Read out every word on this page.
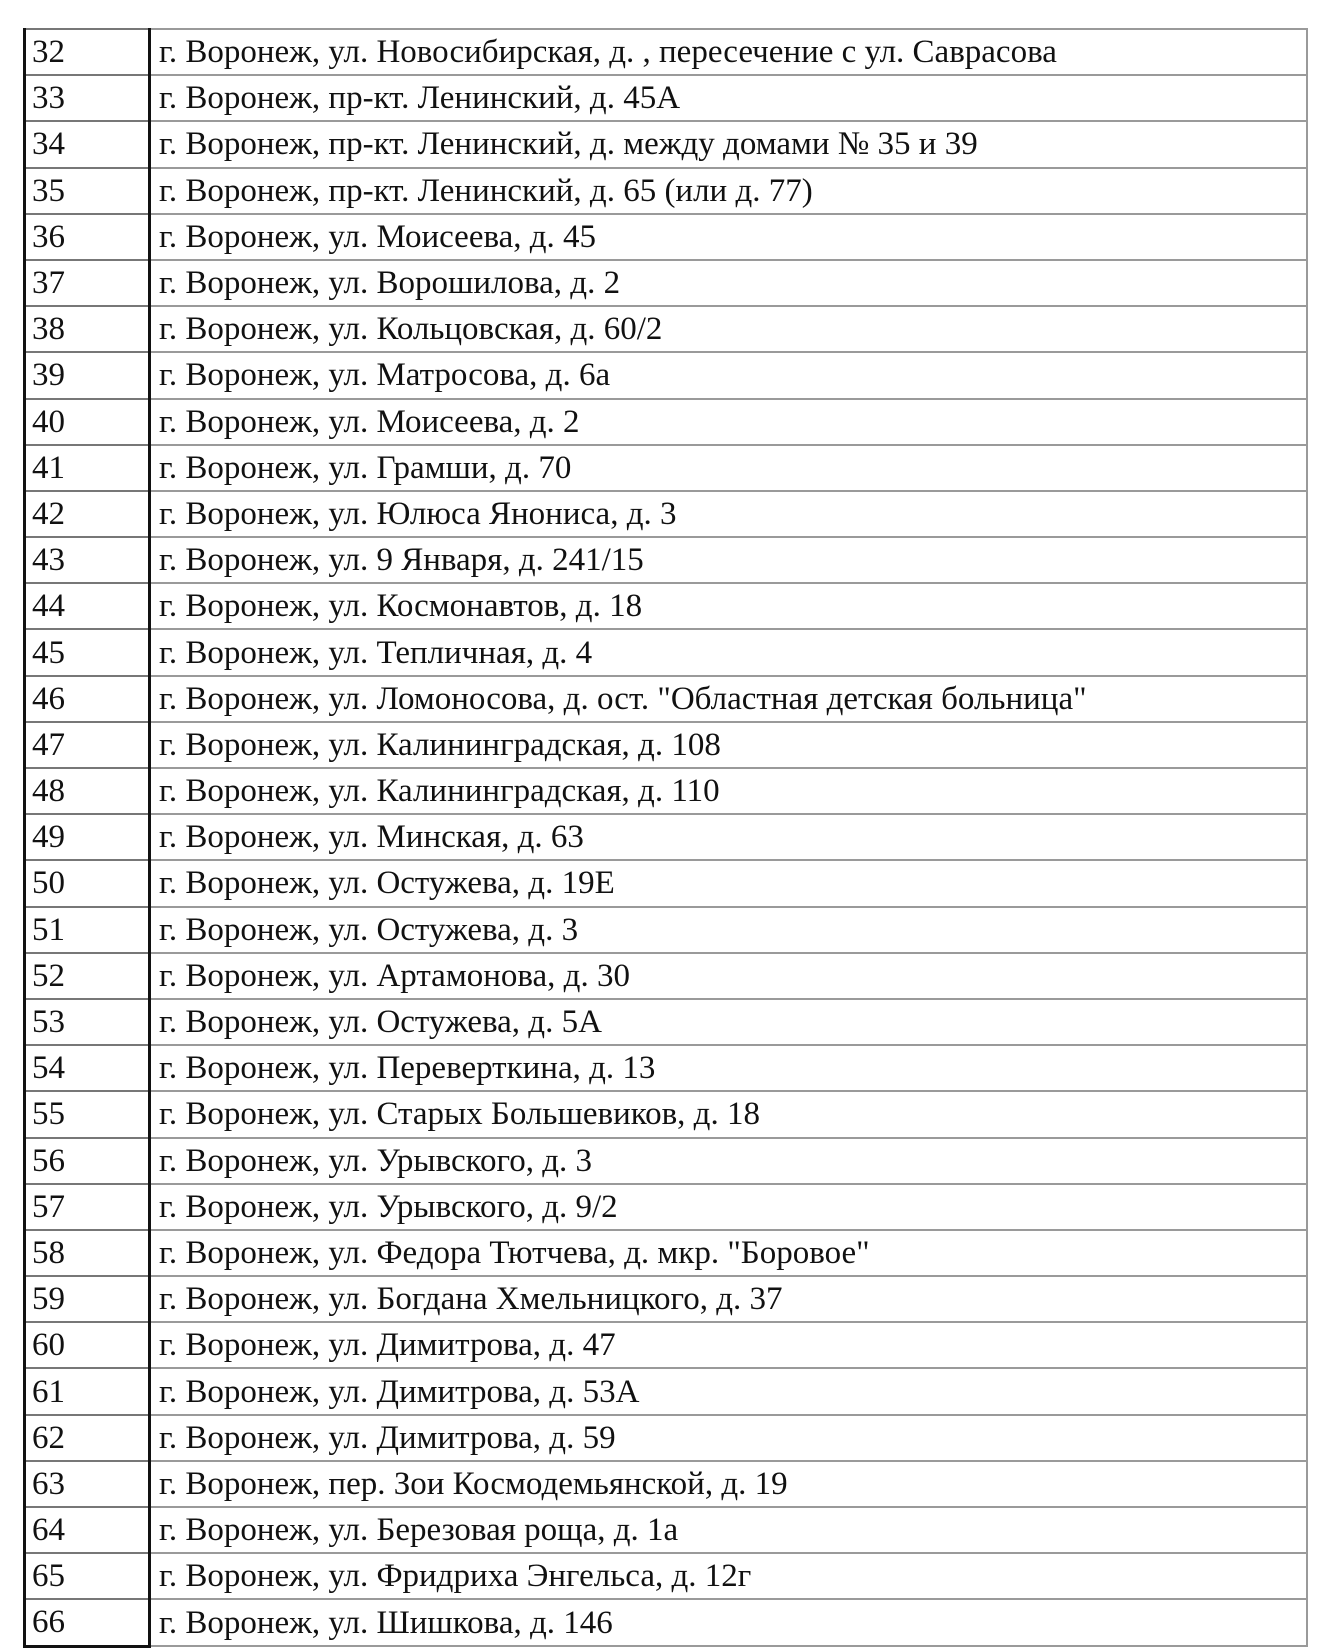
32	г. Воронеж, ул. Новосибирская, д. , пересечение с ул. Саврасова
33	г. Воронеж, пр-кт. Ленинский, д. 45А
34	г. Воронеж, пр-кт. Ленинский, д. между домами № 35 и 39
35	г. Воронеж, пр-кт. Ленинский, д. 65 (или д. 77)
36	г. Воронеж, ул. Моисеева, д. 45
37	г. Воронеж, ул. Ворошилова, д. 2
38	г. Воронеж, ул. Кольцовская, д. 60/2
39	г. Воронеж, ул. Матросова, д. 6а
40	г. Воронеж, ул. Моисеева, д. 2
41	г. Воронеж, ул. Грамши, д. 70
42	г. Воронеж, ул. Юлюса Янониса, д. 3
43	г. Воронеж, ул. 9 Января, д. 241/15
44	г. Воронеж, ул. Космонавтов, д. 18
45	г. Воронеж, ул. Тепличная, д. 4
46	г. Воронеж, ул. Ломоносова, д. ост. "Областная детская больница"
47	г. Воронеж, ул. Калининградская, д. 108
48	г. Воронеж, ул. Калининградская, д. 110
49	г. Воронеж, ул. Минская, д. 63
50	г. Воронеж, ул. Остужева, д. 19Е
51	г. Воронеж, ул. Остужева, д. 3
52	г. Воронеж, ул. Артамонова, д. 30
53	г. Воронеж, ул. Остужева, д. 5А
54	г. Воронеж, ул. Переверткина, д. 13
55	г. Воронеж, ул. Старых Большевиков, д. 18
56	г. Воронеж, ул. Урывского, д. 3
57	г. Воронеж, ул. Урывского, д. 9/2
58	г. Воронеж, ул. Федора Тютчева, д. мкр. "Боровое"
59	г. Воронеж, ул. Богдана Хмельницкого, д. 37
60	г. Воронеж, ул. Димитрова, д. 47
61	г. Воронеж, ул. Димитрова, д. 53А
62	г. Воронеж, ул. Димитрова, д. 59
63	г. Воронеж, пер. Зои Космодемьянской, д. 19
64	г. Воронеж, ул. Березовая роща, д. 1а
65	г. Воронеж, ул. Фридриха Энгельса, д. 12г
66	г. Воронеж, ул. Шишкова, д. 146
